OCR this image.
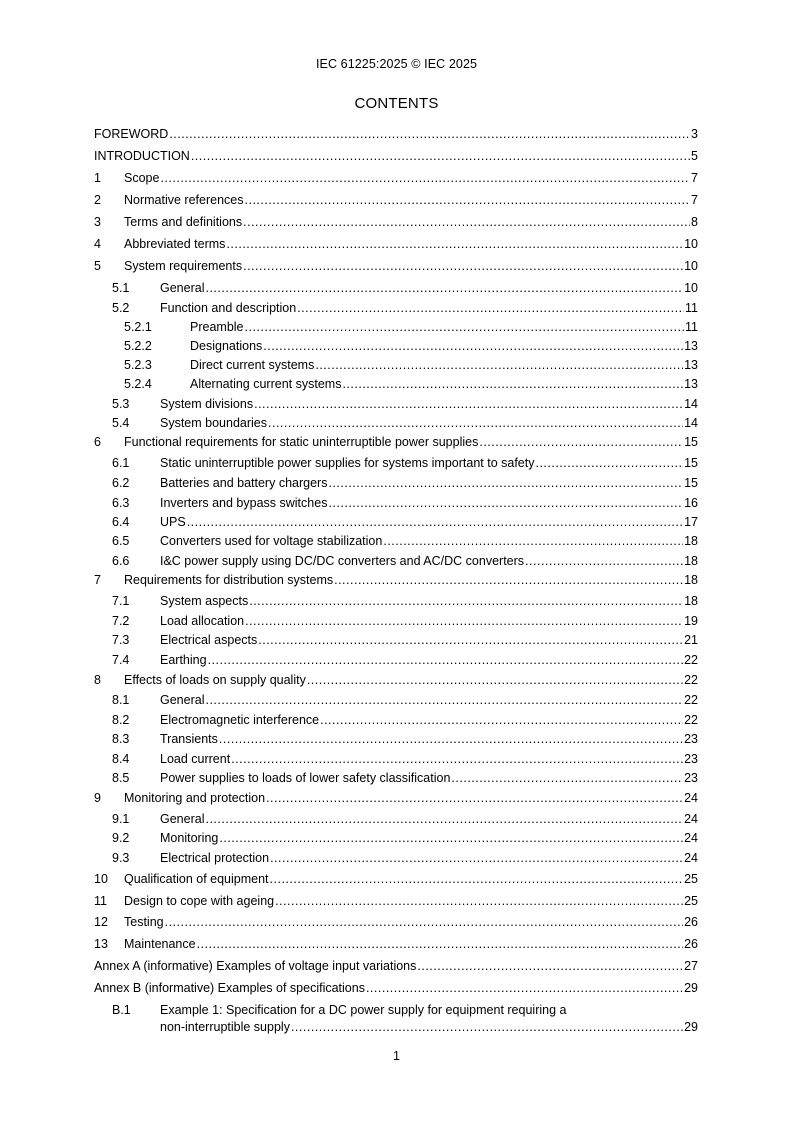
IEC 61225:2025 © IEC 2025
CONTENTS
FOREWORD .....	3
INTRODUCTION .....	5
1	Scope .....	7
2	Normative references .....	7
3	Terms and definitions .....	8
4	Abbreviated terms .....	10
5	System requirements .....	10
5.1	General .....	10
5.2	Function and description .....	11
5.2.1	Preamble .....	11
5.2.2	Designations .....	13
5.2.3	Direct current systems .....	13
5.2.4	Alternating current systems .....	13
5.3	System divisions .....	14
5.4	System boundaries .....	14
6	Functional requirements for static uninterruptible power supplies .....	15
6.1	Static uninterruptible power supplies for systems important to safety .....	15
6.2	Batteries and battery chargers .....	15
6.3	Inverters and bypass switches .....	16
6.4	UPS .....	17
6.5	Converters used for voltage stabilization .....	18
6.6	I&C power supply using DC/DC converters and AC/DC converters .....	18
7	Requirements for distribution systems .....	18
7.1	System aspects .....	18
7.2	Load allocation .....	19
7.3	Electrical aspects .....	21
7.4	Earthing .....	22
8	Effects of loads on supply quality .....	22
8.1	General .....	22
8.2	Electromagnetic interference .....	22
8.3	Transients .....	23
8.4	Load current .....	23
8.5	Power supplies to loads of lower safety classification .....	23
9	Monitoring and protection .....	24
9.1	General .....	24
9.2	Monitoring .....	24
9.3	Electrical protection .....	24
10	Qualification of equipment .....	25
11	Design to cope with ageing .....	25
12	Testing .....	26
13	Maintenance .....	26
Annex A (informative) Examples of voltage input variations .....	27
Annex B (informative) Examples of specifications .....	29
B.1 Example 1: Specification for a DC power supply for equipment requiring a
non-interruptible supply .....	29
1
